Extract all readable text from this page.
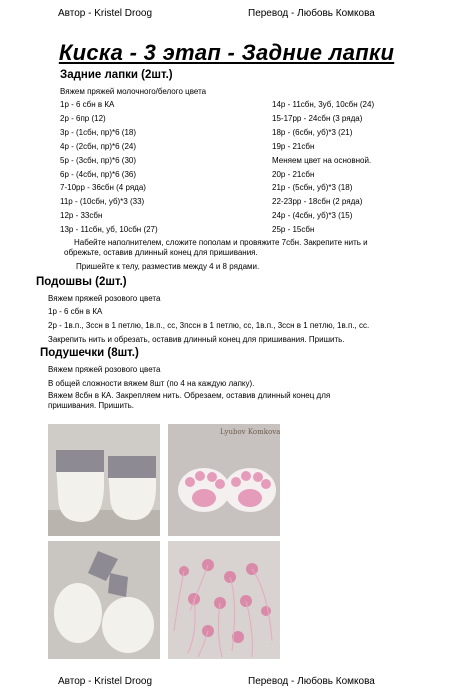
Автор - Kristel Droog	Перевод - Любовь Комкова
Киска - 3 этап - Задние лапки
Задние лапки (2шт.)
Вяжем пряжей молочного/белого цвета
1р - 6 сбн в КА
2р - 6пр (12)
3р - (1сбн, пр)*6 (18)
4р - (2сбн, пр)*6 (24)
5р - (3сбн, пр)*6 (30)
6р - (4сбн, пр)*6 (36)
7-10рр - 36сбн (4 ряда)
11р - (10сбн, уб)*3 (33)
12р - 33сбн
13р - 11сбн, уб, 10сбн (27)
14р - 11сбн, 3уб, 10сбн (24)
15-17рр - 24сбн (3 ряда)
18р - (6сбн, уб)*3 (21)
19р - 21сбн
Меняем цвет на основной.
20р - 21сбн
21р - (5сбн, уб)*3 (18)
22-23рр - 18сбн (2 ряда)
24р - (4сбн, уб)*3 (15)
25р - 15сбн
Набейте наполнителем, сложите пополам и провяжите 7сбн. Закрепите нить и обрежьте, оставив длинный конец для пришивания.
Пришейте к телу, разместив между 4 и 8 рядами.
Подошвы (2шт.)
Вяжем пряжей розового цвета
1р - 6 сбн в КА
2р - 1в.п., 3ссн в 1 петлю, 1в.п., сс, 3пссн в 1 петлю, сс, 1в.п., 3ссн в 1 петлю, 1в.п., сс.
Закрепить нить и обрезать, оставив длинный конец для пришивания. Пришить.
Подушечки (8шт.)
Вяжем пряжей розового цвета
В общей сложности вяжем 8шт (по 4 на каждую лапку).
Вяжем 8сбн в КА. Закрепляем нить. Обрезаем, оставив длинный конец для пришивания. Пришить.
Lyubov Komkova
Автор - Kristel Droog	Перевод - Любовь Комкова
